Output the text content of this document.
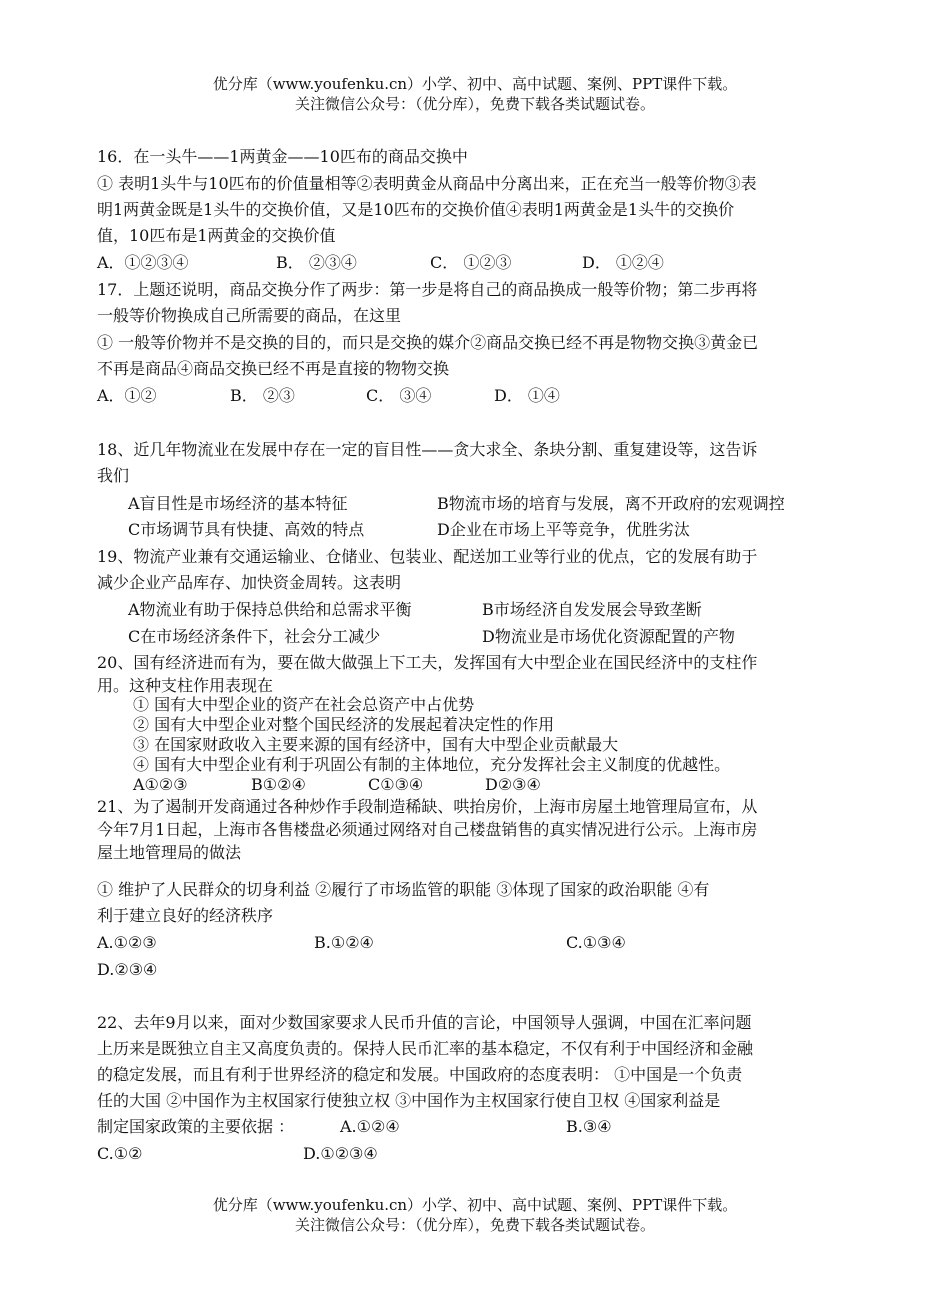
优分库（www.youfenku.cn）小学、初中、高中试题、案例、PPT课件下载。
关注微信公众号：（优分库），免费下载各类试题试卷。
16．在一头牛——1两黄金——10匹布的商品交换中
① 表明1头牛与10匹布的价值量相等②表明黄金从商品中分离出来，正在充当一般等价物③表
明1两黄金既是1头牛的交换价值，又是10匹布的交换价值④表明1两黄金是1头牛的交换价
值，10匹布是1两黄金的交换价值
A．①②③④	B． ②③④	C． ①②③	D． ①②④
17．上题还说明，商品交换分作了两步：第一步是将自己的商品换成一般等价物；第二步再将
一般等价物换成自己所需要的商品，在这里
① 一般等价物并不是交换的目的，而只是交换的媒介②商品交换已经不再是物物交换③黄金已
不再是商品④商品交换已经不再是直接的物物交换
A．①②	B． ②③	C． ③④	D． ①④
18、近几年物流业在发展中存在一定的盲目性——贪大求全、条块分割、重复建设等，这告诉
我们
A盲目性是市场经济的基本特征	B物流市场的培育与发展，离不开政府的宏观调控
C市场调节具有快捷、高效的特点	D企业在市场上平等竞争，优胜劣汰
19、物流产业兼有交通运输业、仓储业、包装业、配送加工业等行业的优点，它的发展有助于
减少企业产品库存、加快资金周转。这表明
A物流业有助于保持总供给和总需求平衡	B市场经济自发发展会导致垄断
C在市场经济条件下，社会分工减少	D物流业是市场优化资源配置的产物
20、国有经济进而有为，要在做大做强上下工夫，发挥国有大中型企业在国民经济中的支柱作
用。这种支柱作用表现在
① 国有大中型企业的资产在社会总资产中占优势
② 国有大中型企业对整个国民经济的发展起着决定性的作用
③ 在国家财政收入主要来源的国有经济中，国有大中型企业贡献最大
④ 国有大中型企业有利于巩固公有制的主体地位，充分发挥社会主义制度的优越性。
A①②③	B①②④	C①③④	D②③④
21、为了遏制开发商通过各种炒作手段制造稀缺、哄抬房价，上海市房屋土地管理局宣布，从
今年7月1日起，上海市各售楼盘必须通过网络对自己楼盘销售的真实情况进行公示。上海市房
屋土地管理局的做法
① 维护了人民群众的切身利益 ②履行了市场监管的职能 ③体现了国家的政治职能 ④有
利于建立良好的经济秩序
A.①②③	B.①②④	C.①③④
D.②③④
22、去年9月以来，面对少数国家要求人民币升值的言论，中国领导人强调，中国在汇率问题
上历来是既独立自主又高度负责的。保持人民币汇率的基本稳定，不仅有利于中国经济和金融
的稳定发展，而且有利于世界经济的稳定和发展。中国政府的态度表明： ①中国是一个负责
任的大国 ②中国作为主权国家行使独立权 ③中国作为主权国家行使自卫权 ④国家利益是
制定国家政策的主要依据 ：	A.①②④	B.③④
C.①②	D.①②③④
优分库（www.youfenku.cn）小学、初中、高中试题、案例、PPT课件下载。
关注微信公众号：（优分库），免费下载各类试题试卷。
